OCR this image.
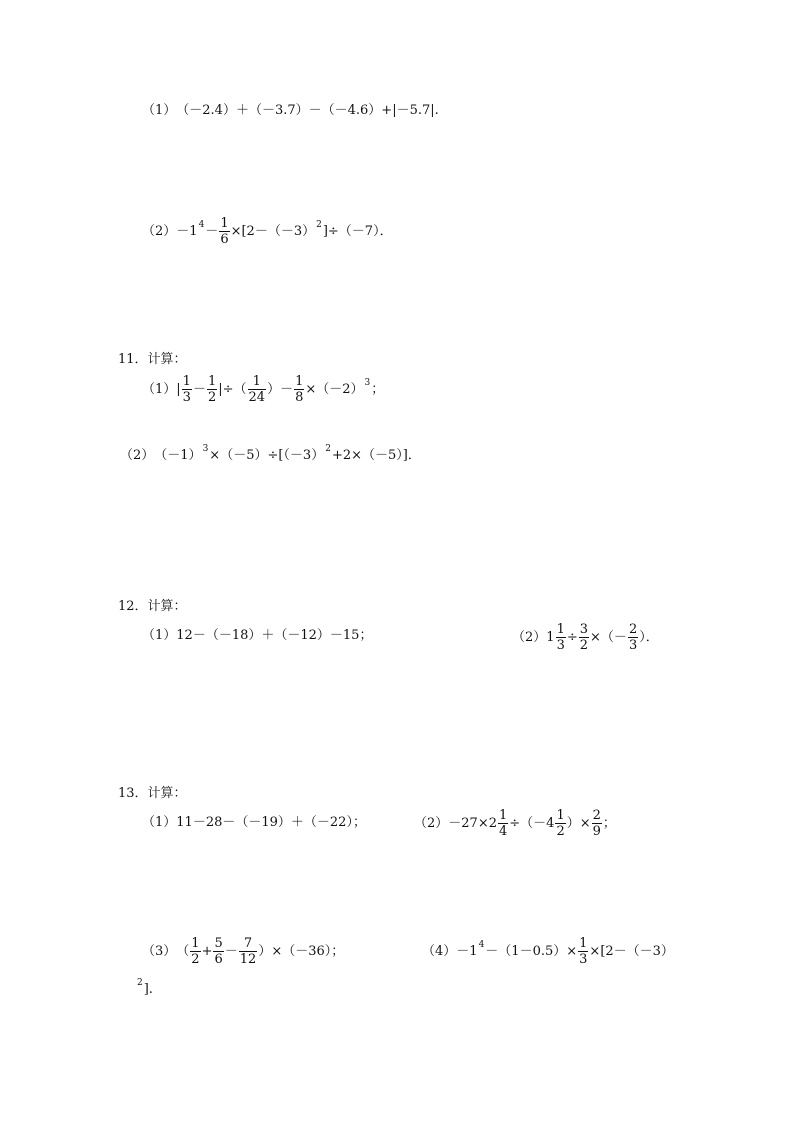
（1） （－2.4）＋（－3.7）－（－4.6）+|－5.7|.
（2） －1 $4 - \frac{1}{6} \times[2-(-3)$ 2 ]÷（－7）．
11．计算：
（1） | $\frac{1}{3} - \frac{1}{2}$ |÷（ $\frac{1}{24}$ ）－ $\frac{1}{8} \times(-2)$ 3 ；
（2） （－1） 3 ×（－5）÷[（－3） 2 +2×（－5）]．
12．计算：
（1） 12－（－18）＋（－12）－15；	（2） $1 \frac{1}{3} \div \frac{3}{2}$ ×（－ $\frac{2}{3}$ ）．
13．计算：
（1） 11－28－（－19）＋（－22）；	$(2) -27\times 2 \frac{1}{4} \div(-4 \frac{1}{2}$ ）× $\frac{2}{9}$ ；
（3） （ $\frac{1}{2} + \frac{5}{6} - \frac{7}{12} )\times(-36)$；	（4） －1 $4 -(1-0.5)\times \frac{1}{3} \times[2-(-3)$
2 ].
